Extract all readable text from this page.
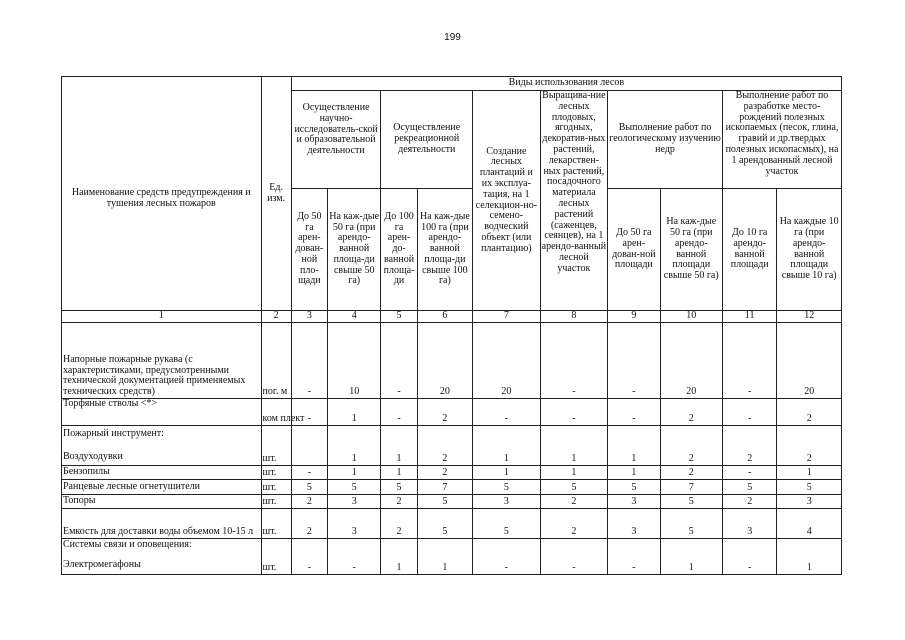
199
Наименование средств предупреждения и тушения лесных пожаров	Ед. изм.	Виды использования лесов									
		Осуществление научно-исследователь-ской и образовательной деятельности		Осуществление рекреационной деятельности		Создание лесных плантаций и их эксплуа-тация, на 1 селекцион-но-семено-водческий объект (или плантацию)	Выращива-ние лесных плодовых, ягодных, декоратив-ных растений, лекарствен-ных растений, посадочного материала лесных растений (саженцев, сеянцев), на 1 арендо-ванный лесной участок	Выполнение работ по геологическому изучению недр		Выполнение работ по разработке место-рождений полезных ископаемых (песок, глина, гравий и др.твердых полезных ископасмых), на 1 арендованный лесной участок	
		До 50 га арен-дован-ной пло-щади	На каж-дые 50 га (при арендо-ванной площа-ди свыше 50 га)	До 100 га арен-до-ванной площа-ди	На каж-дые 100 га (при арендо-ванной площа-ди свыше 100 га)			До 50 га арен-дован-ной площади	На каж-дые 50 га (при арендо-ванной площади свыше 50 га)	До 10 га арендо-ванной площади	На каждые 10 га (при арендо-ванной площади свыше 10 га)
1	2	3	4	5	6	7	8	9	10	11	12
Напорные пожарные рукава (с характеристиками, предусмотренными технической документацией применяемых технических средств)	пог. м	-	10	-	20	20	-	-	20	-	20
Торфяные стволы <*>	ком плект	-	1	-	2	-	-	-	2	-	2

Пожарный инструмент:
Воздуходувки	шт.		1	1	2	1	1	1	2	2	2
Бензопилы	шт.	-	1	1	2	1	1	1	2	-	1
Ранцевые лесные огнетушители	шт.	5	5	5	7	5	5	5	7	5	5
Топоры	шт.	2	3	2	5	3	2	3	5	2	3
Емкость для доставки воды объемом 10-15 л	шт.	2	3	2	5	5	2	3	5	3	4

Системы связи и оповещения:
Электромегафоны	шт.	-	-	1	1	-	-	-	1	-	1
